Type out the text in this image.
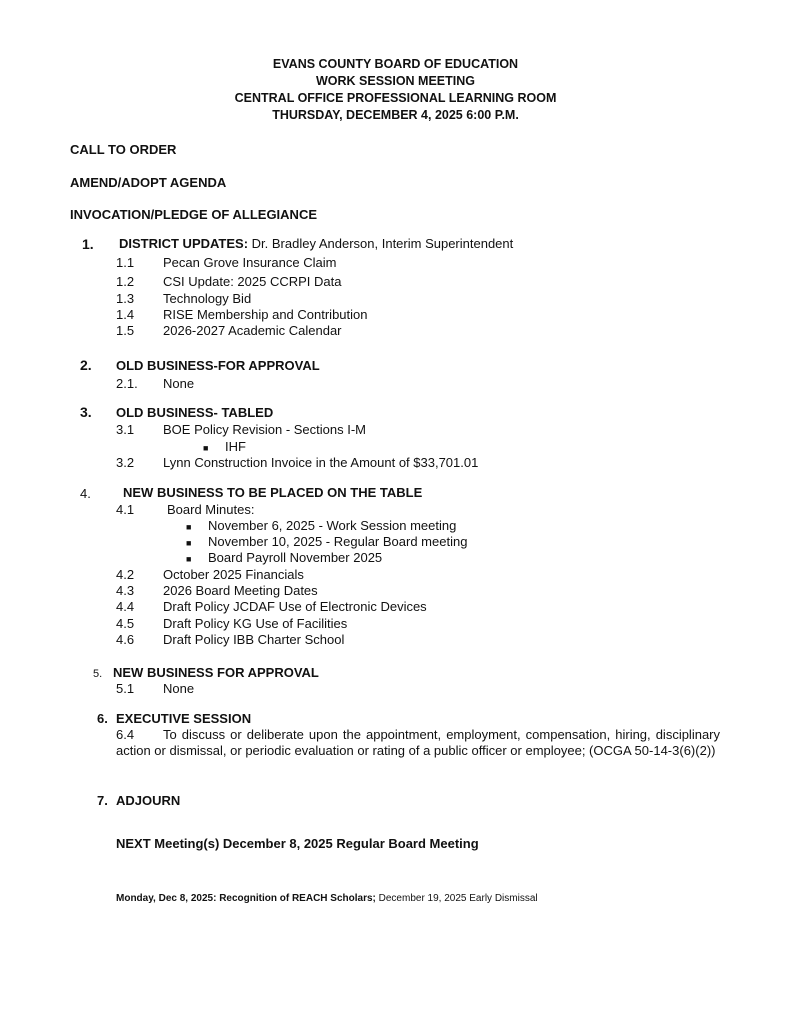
EVANS COUNTY BOARD OF EDUCATION
WORK SESSION MEETING
CENTRAL OFFICE PROFESSIONAL LEARNING ROOM
THURSDAY, DECEMBER 4, 2025 6:00 P.M.
CALL TO ORDER
AMEND/ADOPT AGENDA
INVOCATION/PLEDGE OF ALLEGIANCE
1. DISTRICT UPDATES: Dr. Bradley Anderson, Interim Superintendent
1.1 Pecan Grove Insurance Claim
1.2 CSI Update: 2025 CCRPI Data
1.3 Technology Bid
1.4 RISE Membership and Contribution
1.5 2026-2027 Academic Calendar
2. OLD BUSINESS-FOR APPROVAL
2.1. None
3. OLD BUSINESS- TABLED
3.1 BOE Policy Revision - Sections I-M
■ IHF
3.2 Lynn Construction Invoice in the Amount of $33,701.01
4. NEW BUSINESS TO BE PLACED ON THE TABLE
4.1	Board Minutes:
■ November 6, 2025 - Work Session meeting
■ November 10, 2025 - Regular Board meeting
■ Board Payroll November 2025
4.2 October 2025 Financials
4.3 2026 Board Meeting Dates
4.4 Draft Policy JCDAF Use of Electronic Devices
4.5 Draft Policy KG Use of Facilities
4.6 Draft Policy IBB Charter School
5. NEW BUSINESS FOR APPROVAL
5.1 None
6. EXECUTIVE SESSION
6.4	To discuss or deliberate upon the appointment, employment, compensation, hiring, disciplinary action or dismissal, or periodic evaluation or rating of a public officer or employee; (OCGA 50-14-3(6)(2))
7. ADJOURN
NEXT Meeting(s) December 8, 2025 Regular Board Meeting
Monday, Dec 8, 2025: Recognition of REACH Scholars; December 19, 2025 Early Dismissal
